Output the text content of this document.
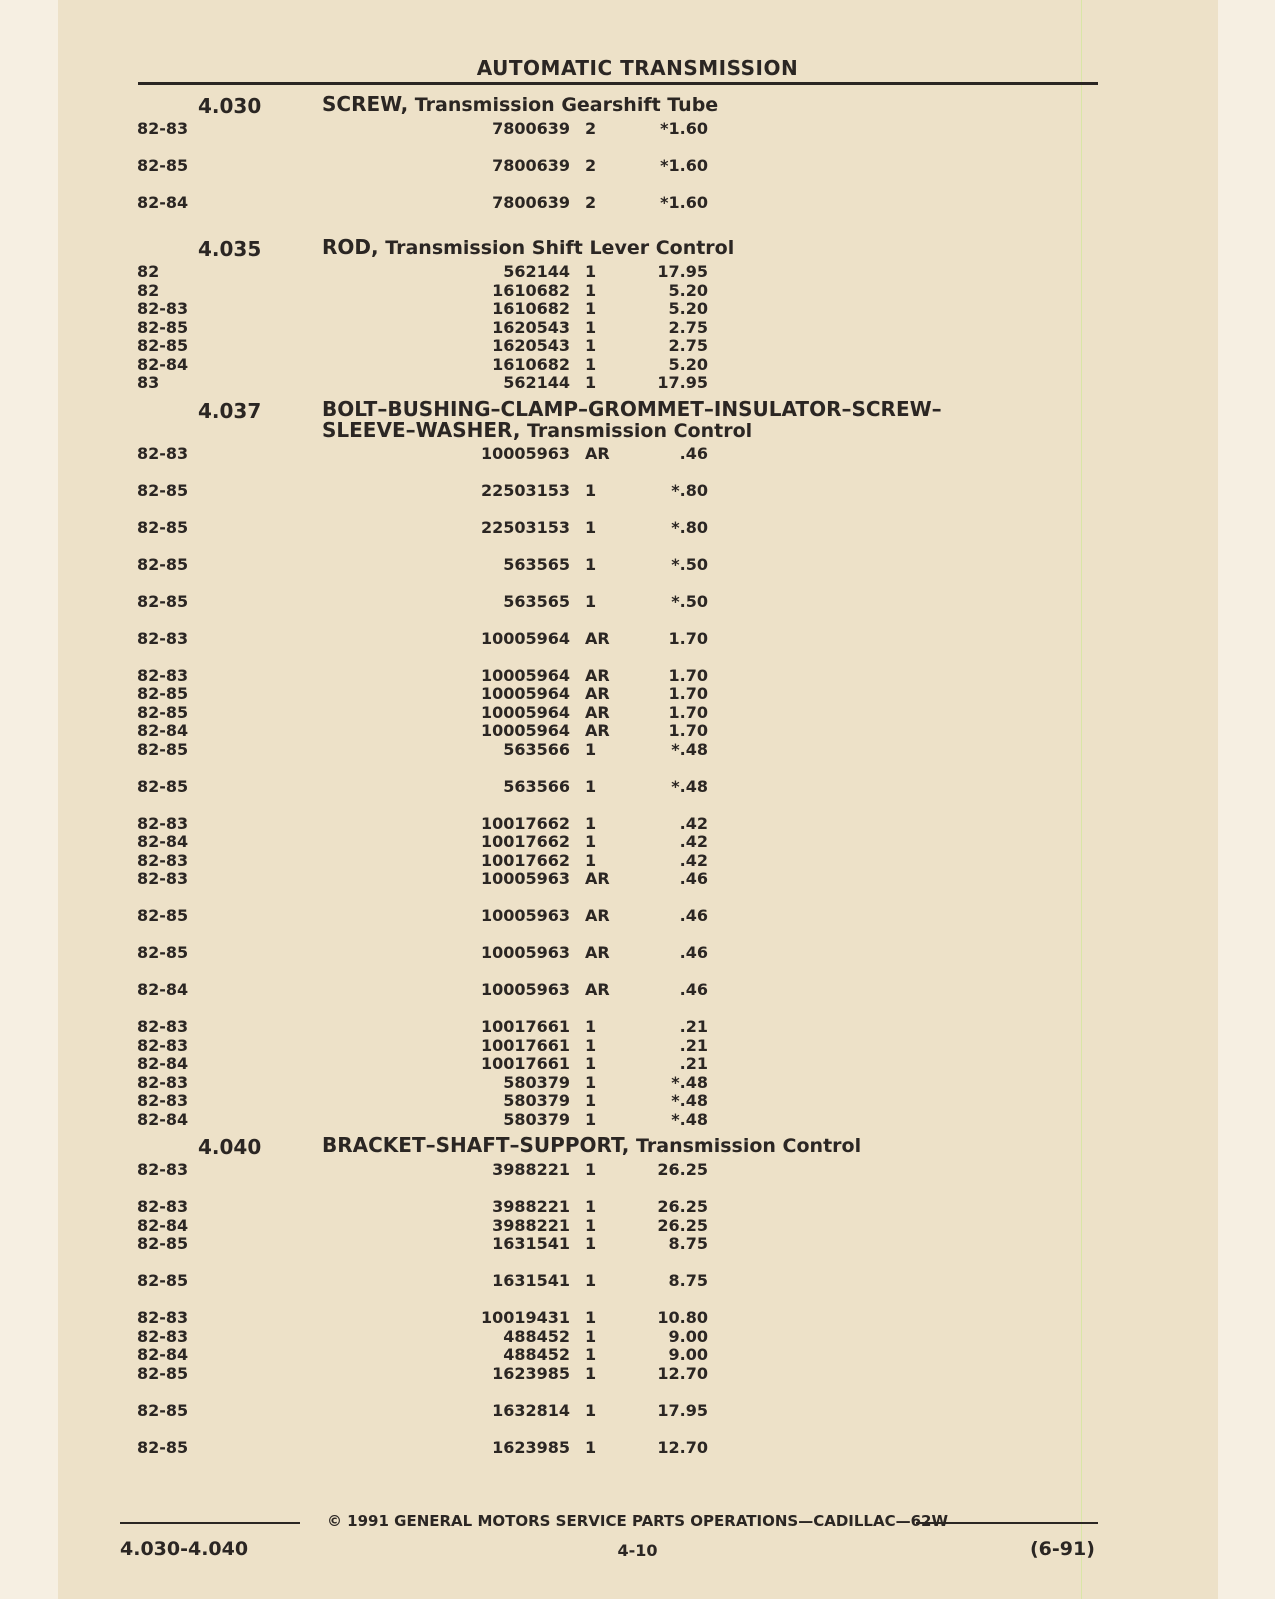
AUTOMATIC TRANSMISSION
4.030	SCREW, Transmission Gearshift Tube
82-83	7800639 2	*1.60
82-85	7800639 2	*1.60
82-84	7800639 2	*1.60
4.035	ROD, Transmission Shift Lever Control
82	562144 1	17.95
82	1610682 1	5.20
82-83	1610682 1	5.20
82-85	1620543 1	2.75
82-85	1620543 1	2.75
82-84	1610682 1	5.20
83	562144 1	17.95
4.037	BOLT–BUSHING–CLAMP–GROMMET–INSULATOR–SCREW–
SLEEVE–WASHER, Transmission Control
82-83	10005963 AR	.46
82-85	22503153 1	*.80
82-85	22503153 1	*.80
82-85	563565 1	*.50
82-85	563565 1	*.50
82-83	10005964 AR	1.70
82-83	10005964 AR	1.70
82-85	10005964 AR	1.70
82-85	10005964 AR	1.70
82-84	10005964 AR	1.70
82-85	563566 1	*.48
82-85	563566 1	*.48
82-83	10017662 1	.42
82-84	10017662 1	.42
82-83	10017662 1	.42
82-83	10005963 AR	.46
82-85	10005963 AR	.46
82-85	10005963 AR	.46
82-84	10005963 AR	.46
82-83	10017661 1	.21
82-83	10017661 1	.21
82-84	10017661 1	.21
82-83	580379 1	*.48
82-83	580379 1	*.48
82-84	580379 1	*.48
4.040	BRACKET–SHAFT–SUPPORT, Transmission Control
82-83	3988221 1	26.25
82-83	3988221 1	26.25
82-84	3988221 1	26.25
82-85	1631541 1	8.75
82-85	1631541 1	8.75
82-83	10019431 1	10.80
82-83	488452 1	9.00
82-84	488452 1	9.00
82-85	1623985 1	12.70
82-85	1632814 1	17.95
82-85	1623985 1	12.70
© 1991 GENERAL MOTORS SERVICE PARTS OPERATIONS—CADILLAC—62W
4.030-4.040	4-10	(6-91)
